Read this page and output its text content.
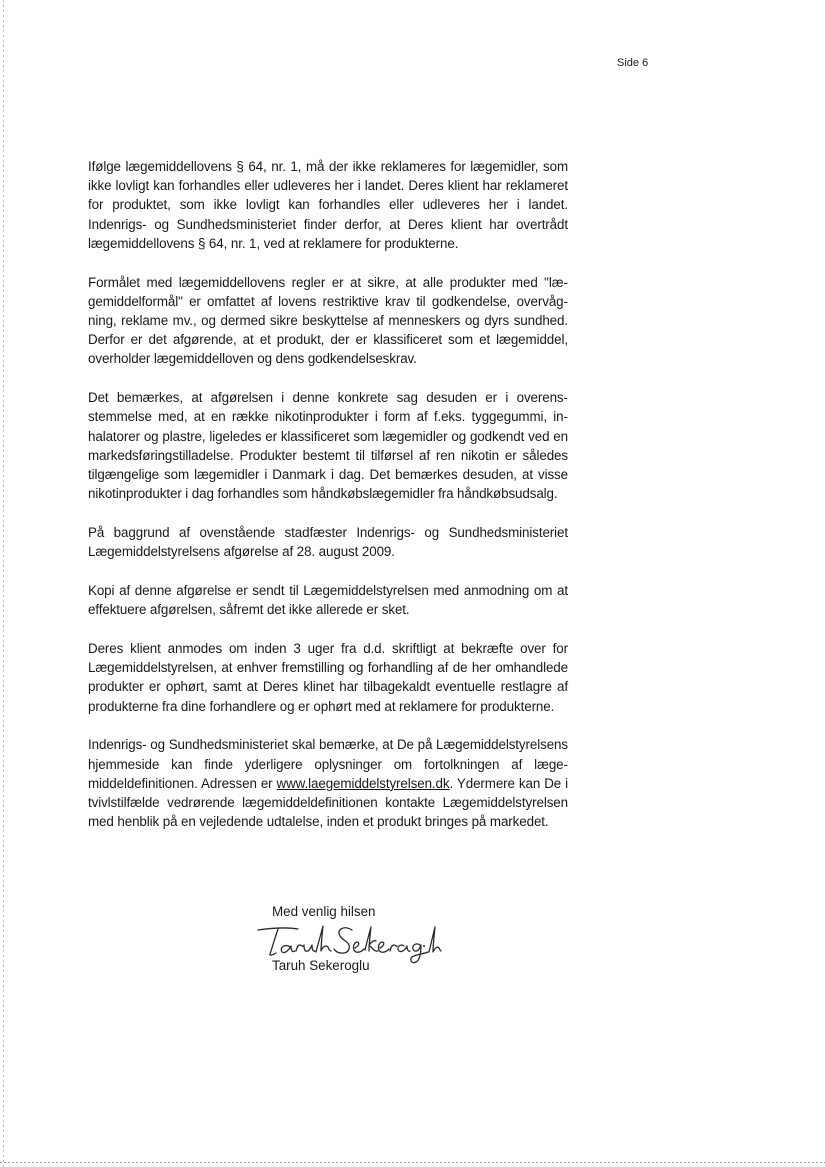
Side 6

Ifølge lægemiddellovens § 64, nr. 1, må der ikke reklameres for lægemidler, som ikke lovligt kan forhandles eller udleveres her i landet. Deres klient har reklameret for produktet, som ikke lovligt kan forhandles eller udleveres her i landet. Indenrigs- og Sundhedsministeriet finder derfor, at Deres klient har overtrådt lægemiddellovens § 64, nr. 1, ved at reklamere for produkterne.

Formålet med lægemiddellovens regler er at sikre, at alle produkter med "lægemiddelformål" er omfattet af lovens restriktive krav til godkendelse, overvågning, reklame mv., og dermed sikre beskyttelse af menneskers og dyrs sundhed. Derfor er det afgørende, at et produkt, der er klassificeret som et lægemiddel, overholder lægemiddelloven og dens godkendelseskrav.

Det bemærkes, at afgørelsen i denne konkrete sag desuden er i overensstemmelse med, at en række nikotinprodukter i form af f.eks. tyggegummi, inhalatorer og plastre, ligeledes er klassificeret som lægemidler og godkendt ved en markedsføringstilladelse. Produkter bestemt til tilførsel af ren nikotin er således tilgængelige som lægemidler i Danmark i dag. Det bemærkes desuden, at visse nikotinprodukter i dag forhandles som håndkøbslægemidler fra håndkøbsudsalg.

På baggrund af ovenstående stadfæster Indenrigs- og Sundhedsministeriet Lægemiddelstyrelsens afgørelse af 28. august 2009.

Kopi af denne afgørelse er sendt til Lægemiddelstyrelsen med anmodning om at effektuere afgørelsen, såfremt det ikke allerede er sket.

Deres klient anmodes om inden 3 uger fra d.d. skriftligt at bekræfte over for Lægemiddelstyrelsen, at enhver fremstilling og forhandling af de her omhandlede produkter er ophørt, samt at Deres klinet har tilbagekaldt eventuelle restlagre af produkterne fra dine forhandlere og er ophørt med at reklamere for produkterne.

Indenrigs- og Sundhedsministeriet skal bemærke, at De på Lægemiddelstyrelsens hjemmeside kan finde yderligere oplysninger om fortolkningen af lægemiddeldefinitionen. Adressen er www.laegemiddelstyrelsen.dk. Ydermere kan De i tvivlstilfælde vedrørende lægemiddeldefinitionen kontakte Lægemiddelstyrelsen med henblik på en vejledende udtalelse, inden et produkt bringes på markedet.

Med venlig hilsen
Taruh Sekeroglu
